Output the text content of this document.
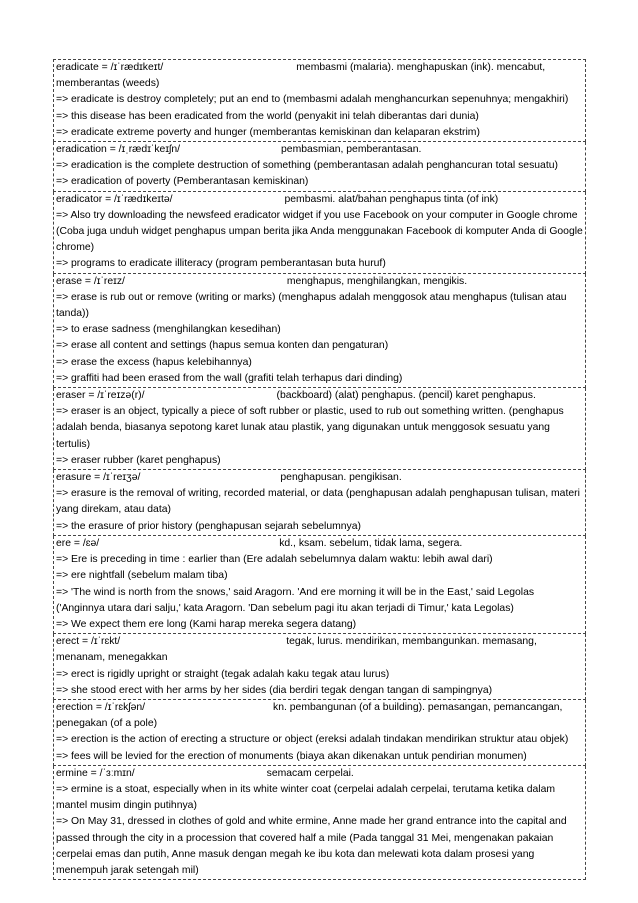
eradicate = /ɪˈrædɪkeɪt/	membasmi (malaria). menghapuskan (ink). mencabut, memberantas (weeds)
=> eradicate is destroy completely; put an end to (membasmi adalah menghancurkan sepenuhnya; mengakhiri)
=> this disease has been eradicated from the world (penyakit ini telah diberantas dari dunia)
=> eradicate extreme poverty and hunger (memberantas kemiskinan dan kelaparan ekstrim)
eradication = /ɪˌrædɪˈkeɪʃn/	pembasmian, pemberantasan.
=> eradication is the complete destruction of something (pemberantasan adalah penghancuran total sesuatu)
=> eradication of poverty (Pemberantasan kemiskinan)
eradicator = /ɪˈrædɪkeɪtə/	pembasmi. alat/bahan penghapus tinta (of ink)
=> Also try downloading the newsfeed eradicator widget if you use Facebook on your computer in Google chrome (Coba juga unduh widget penghapus umpan berita jika Anda menggunakan Facebook di komputer Anda di Google chrome)
=> programs to eradicate illiteracy (program pemberantasan buta huruf)
erase = /ɪˈreɪz/	menghapus, menghilangkan, mengikis.
=> erase is rub out or remove (writing or marks) (menghapus adalah menggosok atau menghapus (tulisan atau tanda))
=> to erase sadness (menghilangkan kesedihan)
=> erase all content and settings (hapus semua konten dan pengaturan)
=> erase the excess (hapus kelebihannya)
=> graffiti had been erased from the wall (grafiti telah terhapus dari dinding)
eraser = /ɪˈreɪzə(r)/	(backboard) (alat) penghapus. (pencil) karet penghapus.
=> eraser is an object, typically a piece of soft rubber or plastic, used to rub out something written. (penghapus adalah benda, biasanya sepotong karet lunak atau plastik, yang digunakan untuk menggosok sesuatu yang tertulis)
=> eraser rubber (karet penghapus)
erasure = /ɪˈreɪʒə/	penghapusan. pengikisan.
=> erasure is the removal of writing, recorded material, or data (penghapusan adalah penghapusan tulisan, materi yang direkam, atau data)
=> the erasure of prior history (penghapusan sejarah sebelumnya)
ere = /ɛə/	kd., ksam. sebelum, tidak lama, segera.
=> Ere is preceding in time : earlier than (Ere adalah sebelumnya dalam waktu: lebih awal dari)
=> ere nightfall (sebelum malam tiba)
=> 'The wind is north from the snows,' said Aragorn. 'And ere morning it will be in the East,' said Legolas ('Anginnya utara dari salju,' kata Aragorn. 'Dan sebelum pagi itu akan terjadi di Timur,' kata Legolas)
=> We expect them ere long (Kami harap mereka segera datang)
erect = /ɪˈrɛkt/	tegak, lurus. mendirikan, membangunkan. memasang, menanam, menegakkan
=> erect is rigidly upright or straight (tegak adalah kaku tegak atau lurus)
=> she stood erect with her arms by her sides (dia berdiri tegak dengan tangan di sampingnya)
erection = /ɪˈrɛkʃən/	kn. pembangunan (of a building). pemasangan, pemancangan, penegakan (of a pole)
=> erection is the action of erecting a structure or object (ereksi adalah tindakan mendirikan struktur atau objek)
=> fees will be levied for the erection of monuments (biaya akan dikenakan untuk pendirian monumen)
ermine = /ˈɜːmɪn/	semacam cerpelai.
=> ermine is a stoat, especially when in its white winter coat (cerpelai adalah cerpelai, terutama ketika dalam mantel musim dingin putihnya)
=> On May 31, dressed in clothes of gold and white ermine, Anne made her grand entrance into the capital and passed through the city in a procession that covered half a mile (Pada tanggal 31 Mei, mengenakan pakaian cerpelai emas dan putih, Anne masuk dengan megah ke ibu kota dan melewati kota dalam prosesi yang menempuh jarak setengah mil)
